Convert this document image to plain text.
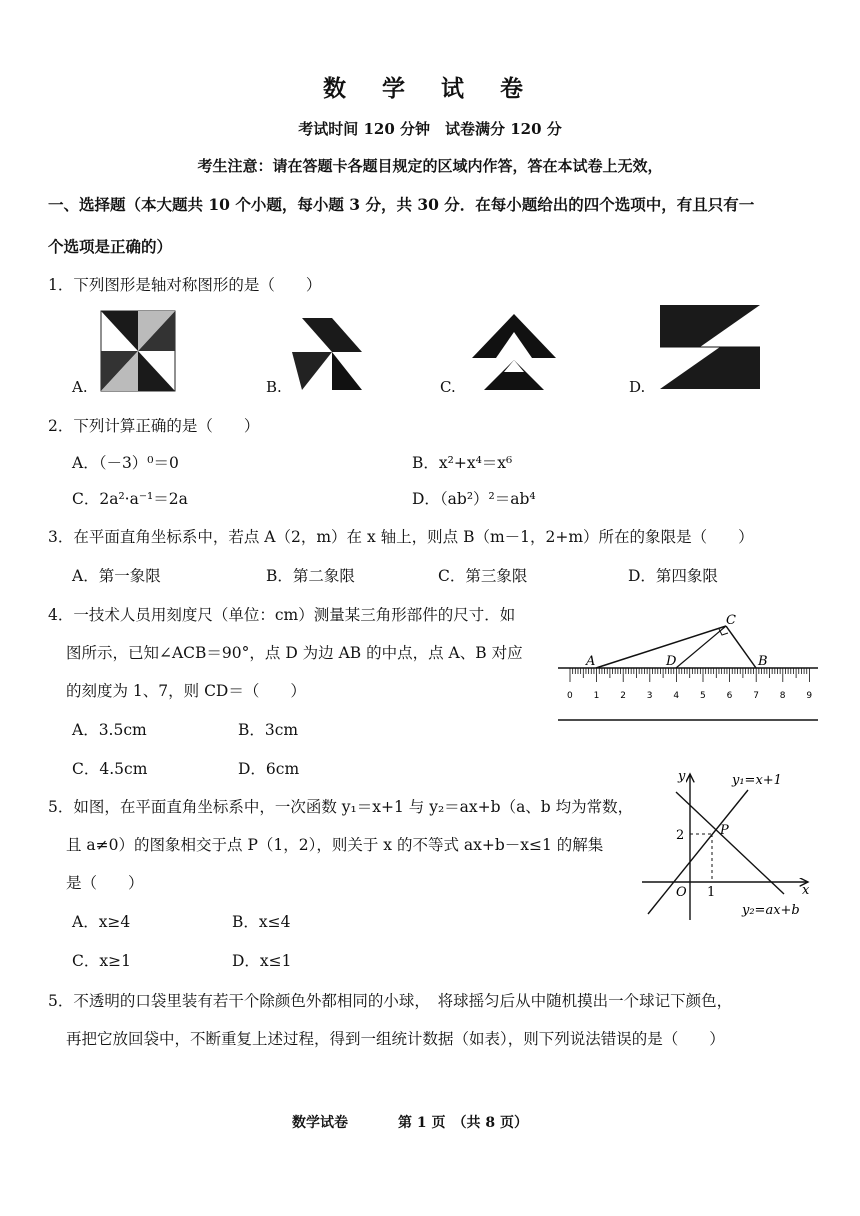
数 学 试 卷
考试时间 120 分钟　试卷满分 120 分
考生注意：请在答题卡各题目规定的区域内作答，答在本试卷上无效，
一、选择题（本大题共 10 个小题，每小题 3 分，共 30 分．在每小题给出的四个选项中，有且只有一
个选项是正确的）
1．下列图形是轴对称图形的是（　　）
A.	B.	C.	D.
2．下列计算正确的是（　　）
A．（－3）⁰＝0	B．x²+x⁴＝x⁶
C．2a²·a⁻¹＝2a	D．（ab²）²＝ab⁴
3．在平面直角坐标系中，若点 A（2，m）在 x 轴上，则点 B（m－1，2+m）所在的象限是（　　）
A．第一象限	B．第二象限	C．第三象限	D．第四象限
4．一技术人员用刻度尺（单位：cm）测量某三角形部件的尺寸．如
图所示，已知∠ACB＝90°，点 D 为边 AB 的中点，点 A、B 对应
的刻度为 1、7，则 CD＝（　　）
A．3.5cm	B．3cm
C．4.5cm	D．6cm
A	D	B
C
0 1 2 3 4 5 6 7 8 9
5．如图，在平面直角坐标系中，一次函数 y₁＝x+1 与 y₂＝ax+b（a、b 均为常数，
且 a≠0）的图象相交于点 P（1，2），则关于 x 的不等式 ax+b－x≤1 的解集
是（　　）
A．x≥4	B．x≤4
C．x≥1	D．x≤1
y
x
O
2
1
P
y₁=x+1
y₂=ax+b
5．不透明的口袋里装有若干个除颜色外都相同的小球，　将球摇匀后从中随机摸出一个球记下颜色，
再把它放回袋中，不断重复上述过程，得到一组统计数据（如表），则下列说法错误的是（　　）
数学试卷	第 1 页　（共 8 页）
